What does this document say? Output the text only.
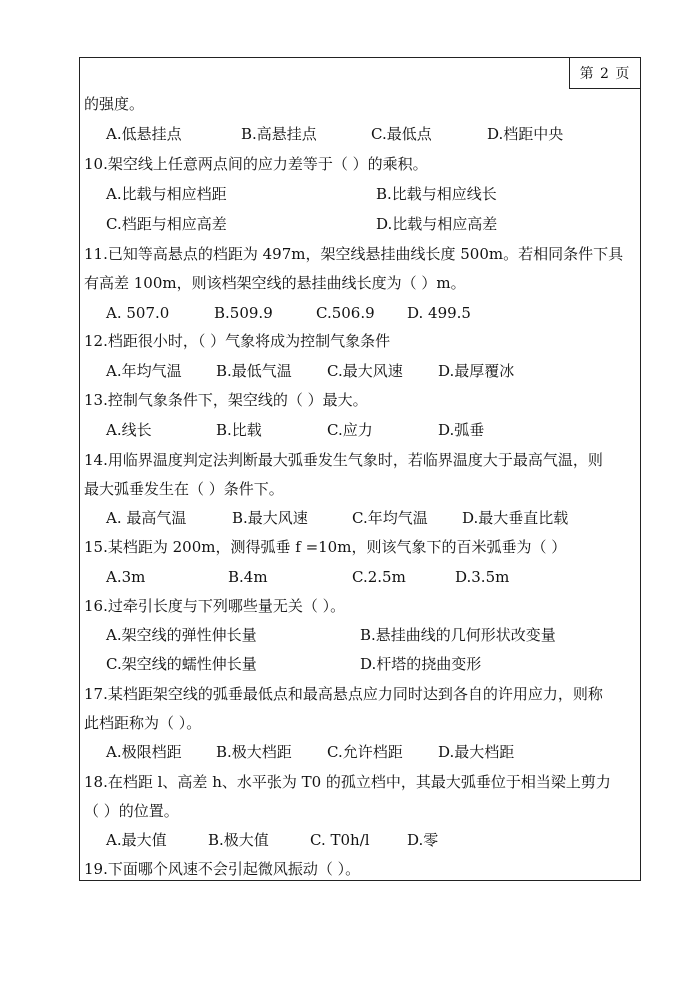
第 2 页
的强度。
A.低悬挂点	B.高悬挂点	C.最低点	D.档距中央
10.架空线上任意两点间的应力差等于（ ）的乘积。
A.比载与相应档距	B.比载与相应线长
C.档距与相应高差	D.比载与相应高差
11.已知等高悬点的档距为 497m，架空线悬挂曲线长度 500m。若相同条件下具
有高差 100m，则该档架空线的悬挂曲线长度为（ ）m。
A. 507.0	B.509.9	C.506.9 D. 499.5
12.档距很小时，（ ）气象将成为控制气象条件
A.年均气温 B.最低气温 C.最大风速 D.最厚覆冰
13.控制气象条件下，架空线的（ ）最大。
A.线长	B.比载	C.应力	D.弧垂
14.用临界温度判定法判断最大弧垂发生气象时，若临界温度大于最高气温，则
最大弧垂发生在（ ）条件下。
A. 最高气温	B.最大风速	C.年均气温 D.最大垂直比载
15.某档距为 200m，测得弧垂 f =10m，则该气象下的百米弧垂为（ ）
A.3m	B.4m	C.2.5m	D.3.5m
16.过牵引长度与下列哪些量无关（ ）。
A.架空线的弹性伸长量	B.悬挂曲线的几何形状改变量
C.架空线的蠕性伸长量	D.杆塔的挠曲变形
17.某档距架空线的弧垂最低点和最高悬点应力同时达到各自的许用应力，则称
此档距称为（ ）。
A.极限档距 B.极大档距 C.允许档距 D.最大档距
18.在档距 l、高差 h、水平张为 T0 的孤立档中，其最大弧垂位于相当梁上剪力
（ ）的位置。
A.最大值	B.极大值	C. T0h/l D.零
19.下面哪个风速不会引起微风振动（ ）。
